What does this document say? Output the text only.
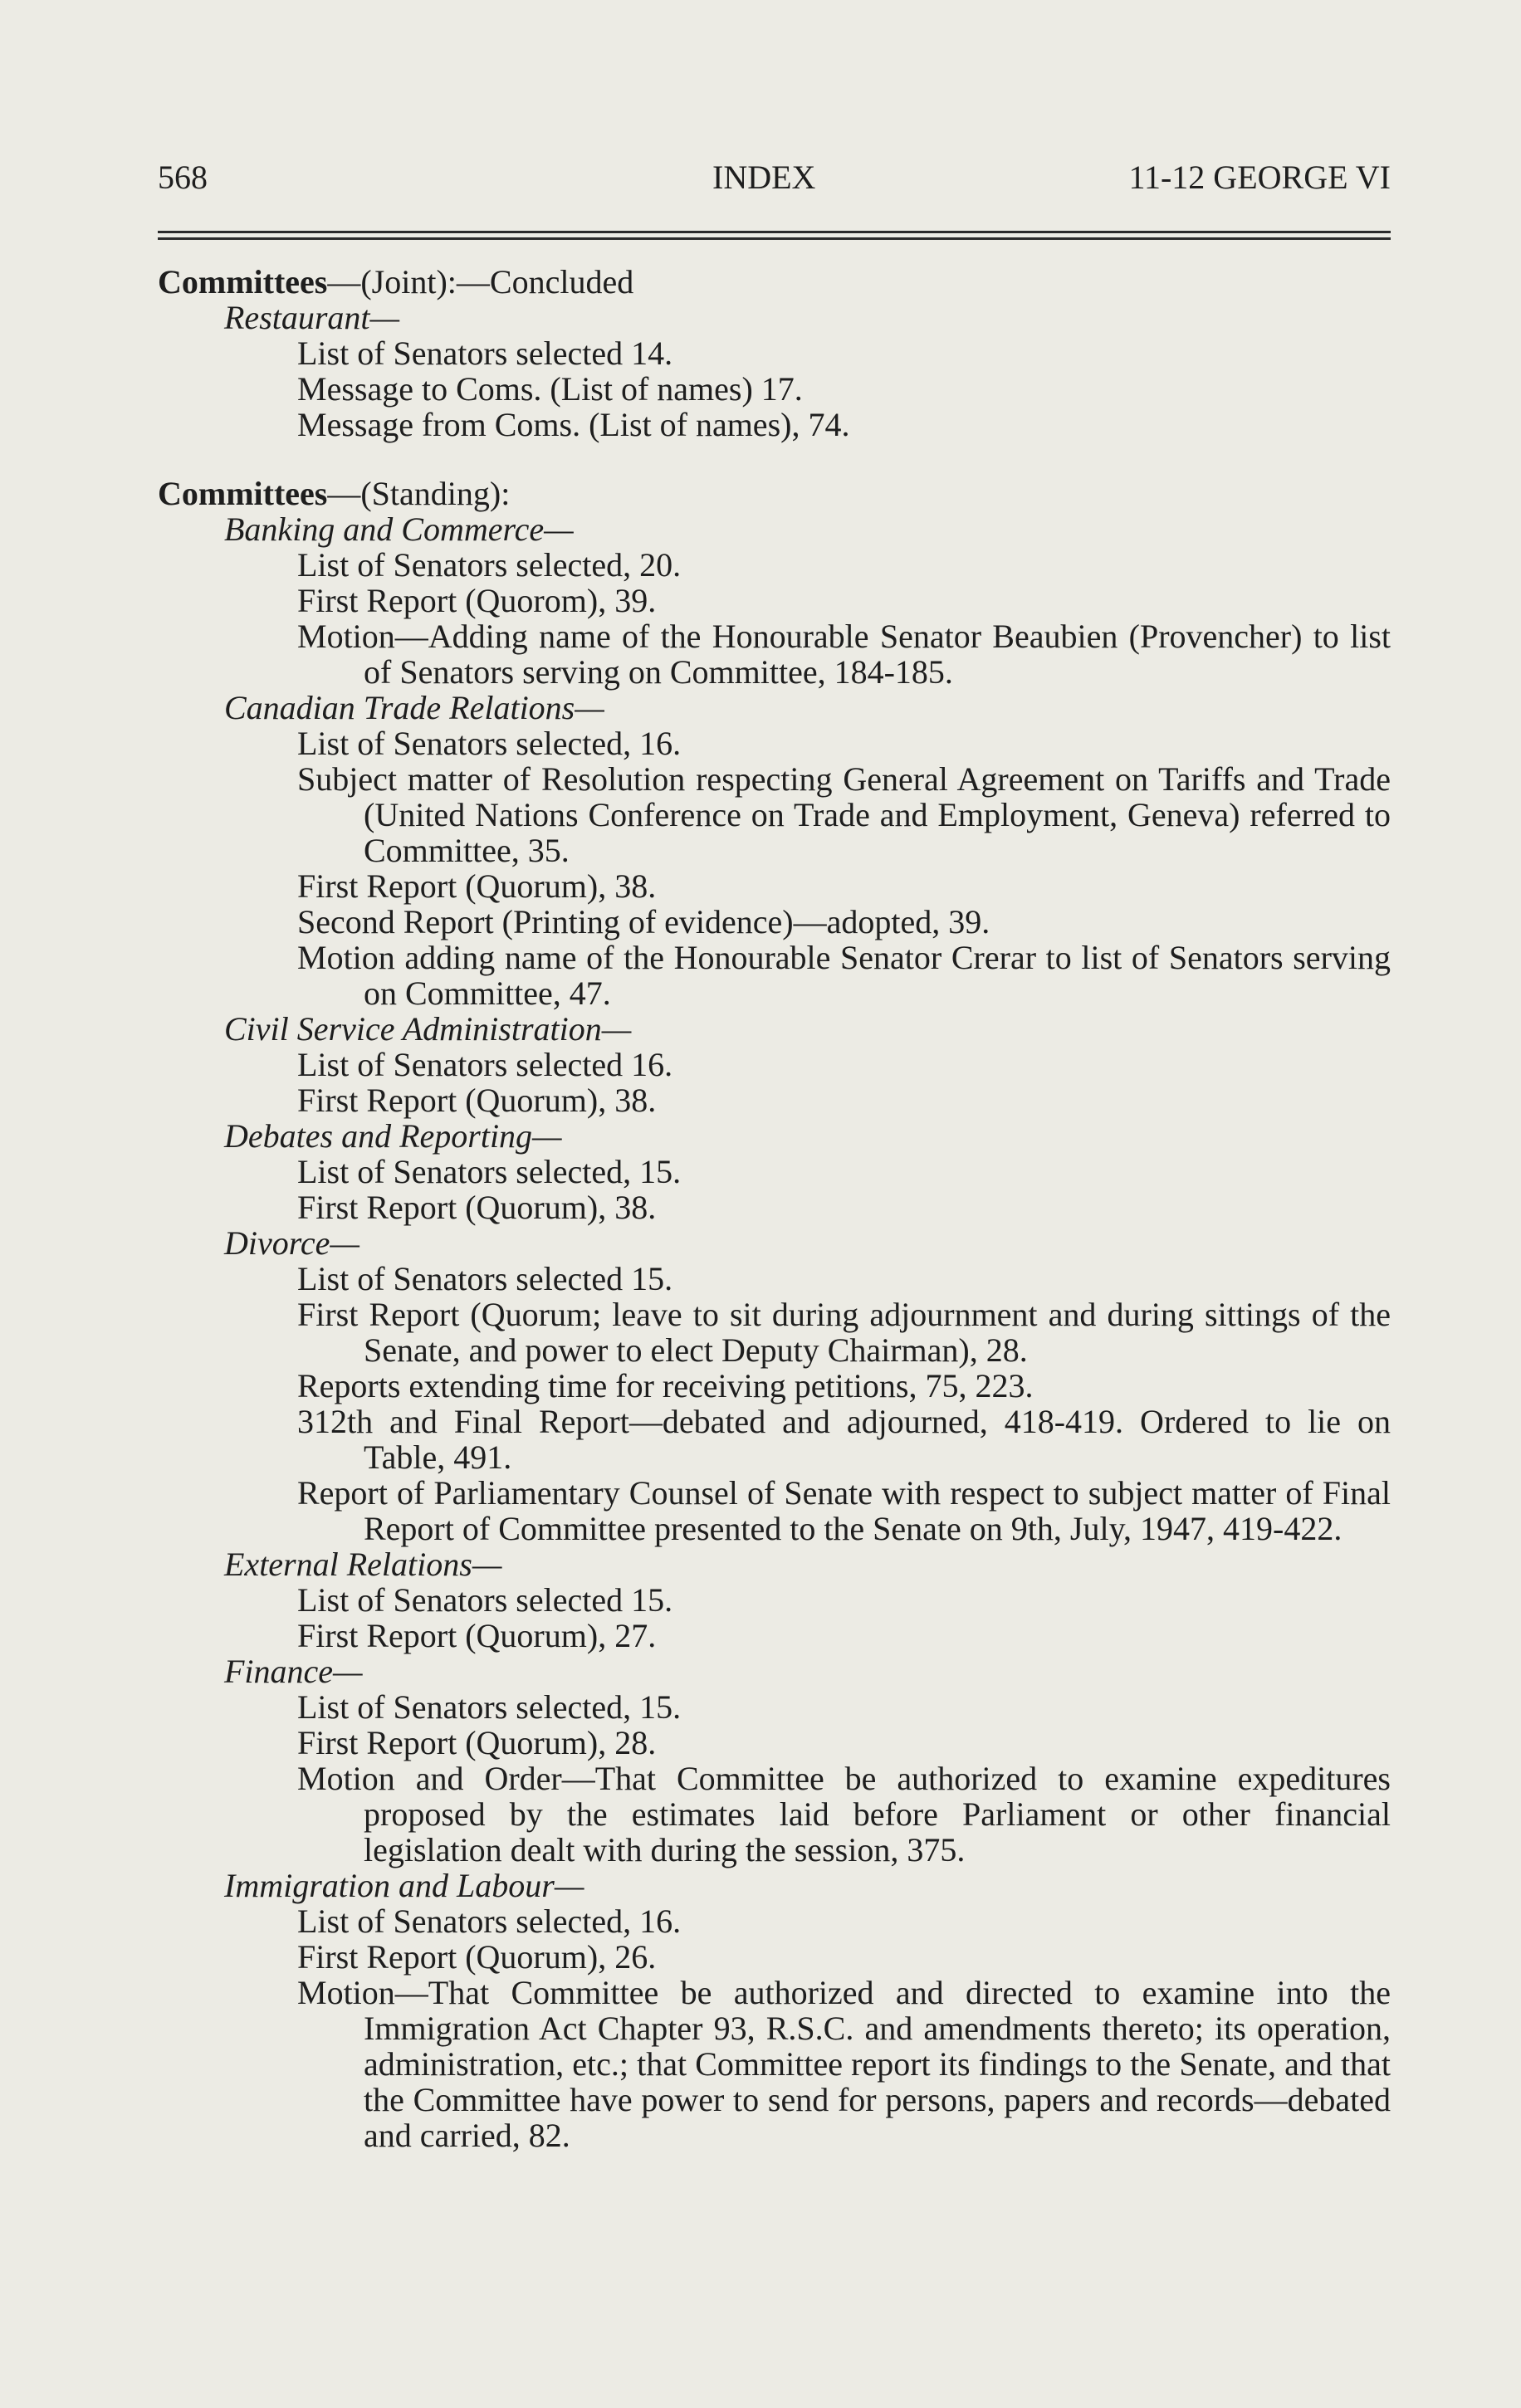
568	INDEX	11-12 GEORGE VI

Committees—(Joint):—Concluded

Restaurant—

List of Senators selected 14.

Message to Coms. (List of names) 17.

Message from Coms. (List of names), 74.

Committees—(Standing):

Banking and Commerce—

List of Senators selected, 20.

First Report (Quorom), 39.

Motion—Adding name of the Honourable Senator Beaubien (Provencher) to list of Senators serving on Committee, 184-185.

Canadian Trade Relations—

List of Senators selected, 16.

Subject matter of Resolution respecting General Agreement on Tariffs and Trade (United Nations Conference on Trade and Employment, Geneva) referred to Committee, 35.

First Report (Quorum), 38.

Second Report (Printing of evidence)—adopted, 39.

Motion adding name of the Honourable Senator Crerar to list of Senators serving on Committee, 47.

Civil Service Administration—

List of Senators selected 16.

First Report (Quorum), 38.

Debates and Reporting—

List of Senators selected, 15.

First Report (Quorum), 38.

Divorce—

List of Senators selected 15.

First Report (Quorum; leave to sit during adjournment and during sittings of the Senate, and power to elect Deputy Chairman), 28.

Reports extending time for receiving petitions, 75, 223.

312th and Final Report—debated and adjourned, 418-419. Ordered to lie on Table, 491.

Report of Parliamentary Counsel of Senate with respect to subject matter of Final Report of Committee presented to the Senate on 9th, July, 1947, 419-422.

External Relations—

List of Senators selected 15.

First Report (Quorum), 27.

Finance—

List of Senators selected, 15.

First Report (Quorum), 28.

Motion and Order—That Committee be authorized to examine expeditures proposed by the estimates laid before Parliament or other financial legislation dealt with during the session, 375.

Immigration and Labour—

List of Senators selected, 16.

First Report (Quorum), 26.

Motion—That Committee be authorized and directed to examine into the Immigration Act Chapter 93, R.S.C. and amendments thereto; its operation, administration, etc.; that Committee report its findings to the Senate, and that the Committee have power to send for persons, papers and records—debated and carried, 82.
